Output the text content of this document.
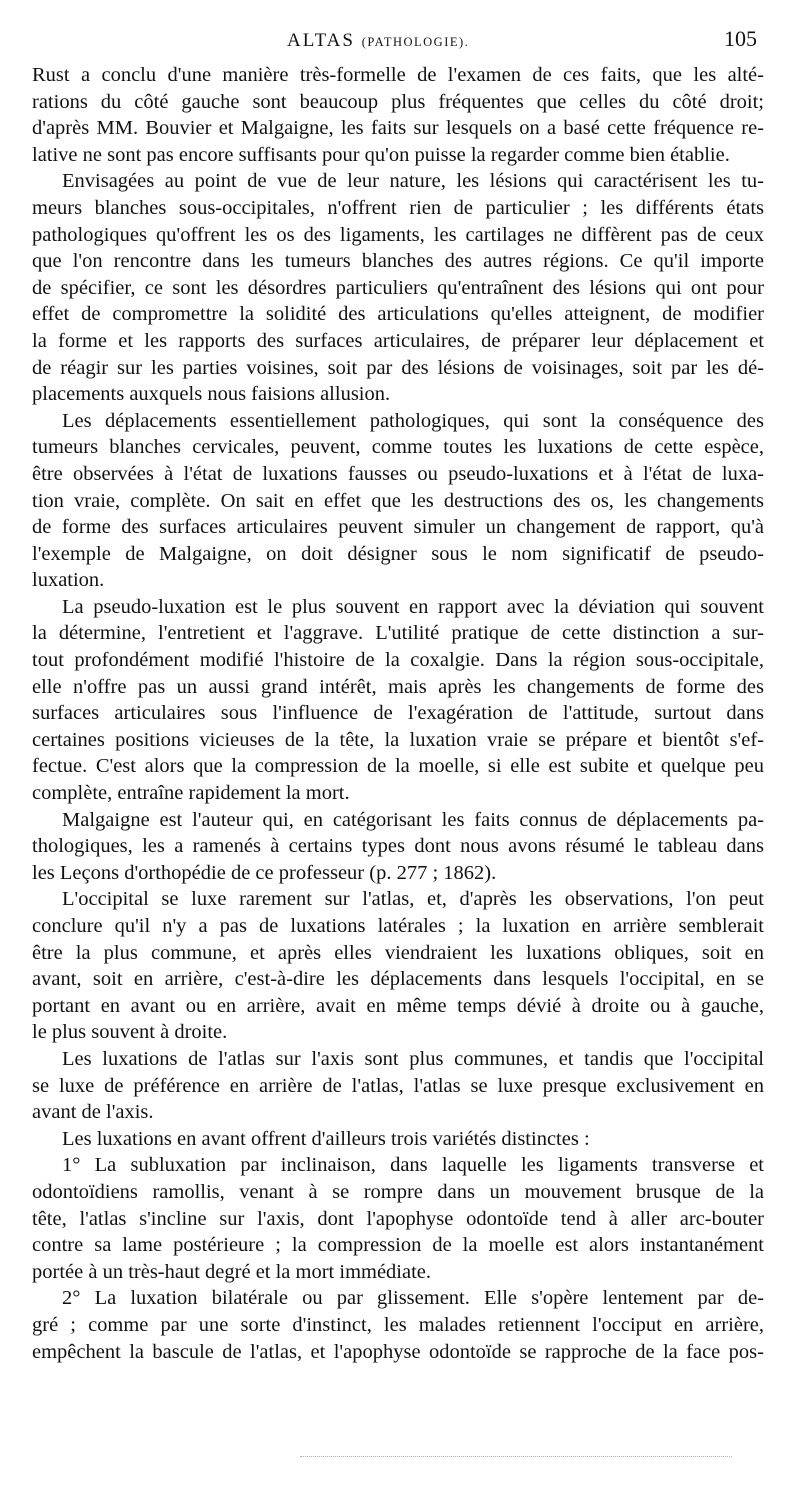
ALTAS (PATHOLOGIE).	105
Rust a conclu d'une manière très-formelle de l'examen de ces faits, que les alté-
rations du côté gauche sont beaucoup plus fréquentes que celles du côté droit;
d'après MM. Bouvier et Malgaigne, les faits sur lesquels on a basé cette fréquence re-
lative ne sont pas encore suffisants pour qu'on puisse la regarder comme bien établie.
Envisagées au point de vue de leur nature, les lésions qui caractérisent les tu-
meurs blanches sous-occipitales, n'offrent rien de particulier ; les différents états
pathologiques qu'offrent les os des ligaments, les cartilages ne diffèrent pas de ceux
que l'on rencontre dans les tumeurs blanches des autres régions. Ce qu'il importe
de spécifier, ce sont les désordres particuliers qu'entraînent des lésions qui ont pour
effet de compromettre la solidité des articulations qu'elles atteignent, de modifier
la forme et les rapports des surfaces articulaires, de préparer leur déplacement et
de réagir sur les parties voisines, soit par des lésions de voisinages, soit par les dé-
placements auxquels nous faisions allusion.
Les déplacements essentiellement pathologiques, qui sont la conséquence des
tumeurs blanches cervicales, peuvent, comme toutes les luxations de cette espèce,
être observées à l'état de luxations fausses ou pseudo-luxations et à l'état de luxa-
tion vraie, complète. On sait en effet que les destructions des os, les changements
de forme des surfaces articulaires peuvent simuler un changement de rapport, qu'à
l'exemple de Malgaigne, on doit désigner sous le nom significatif de pseudo-
luxation.
La pseudo-luxation est le plus souvent en rapport avec la déviation qui souvent
la détermine, l'entretient et l'aggrave. L'utilité pratique de cette distinction a sur-
tout profondément modifié l'histoire de la coxalgie. Dans la région sous-occipitale,
elle n'offre pas un aussi grand intérêt, mais après les changements de forme des
surfaces articulaires sous l'influence de l'exagération de l'attitude, surtout dans
certaines positions vicieuses de la tête, la luxation vraie se prépare et bientôt s'ef-
fectue. C'est alors que la compression de la moelle, si elle est subite et quelque peu
complète, entraîne rapidement la mort.
Malgaigne est l'auteur qui, en catégorisant les faits connus de déplacements pa-
thologiques, les a ramenés à certains types dont nous avons résumé le tableau dans
les Leçons d'orthopédie de ce professeur (p. 277 ; 1862).
L'occipital se luxe rarement sur l'atlas, et, d'après les observations, l'on peut
conclure qu'il n'y a pas de luxations latérales ; la luxation en arrière semblerait
être la plus commune, et après elles viendraient les luxations obliques, soit en
avant, soit en arrière, c'est-à-dire les déplacements dans lesquels l'occipital, en se
portant en avant ou en arrière, avait en même temps dévié à droite ou à gauche,
le plus souvent à droite.
Les luxations de l'atlas sur l'axis sont plus communes, et tandis que l'occipital
se luxe de préférence en arrière de l'atlas, l'atlas se luxe presque exclusivement en
avant de l'axis.
Les luxations en avant offrent d'ailleurs trois variétés distinctes :
1° La subluxation par inclinaison, dans laquelle les ligaments transverse et
odontoïdiens ramollis, venant à se rompre dans un mouvement brusque de la
tête, l'atlas s'incline sur l'axis, dont l'apophyse odontoïde tend à aller arc-bouter
contre sa lame postérieure ; la compression de la moelle est alors instantanément
portée à un très-haut degré et la mort immédiate.
2° La luxation bilatérale ou par glissement. Elle s'opère lentement par de-
gré ; comme par une sorte d'instinct, les malades retiennent l'occiput en arrière,
empêchent la bascule de l'atlas, et l'apophyse odontoïde se rapproche de la face pos-
